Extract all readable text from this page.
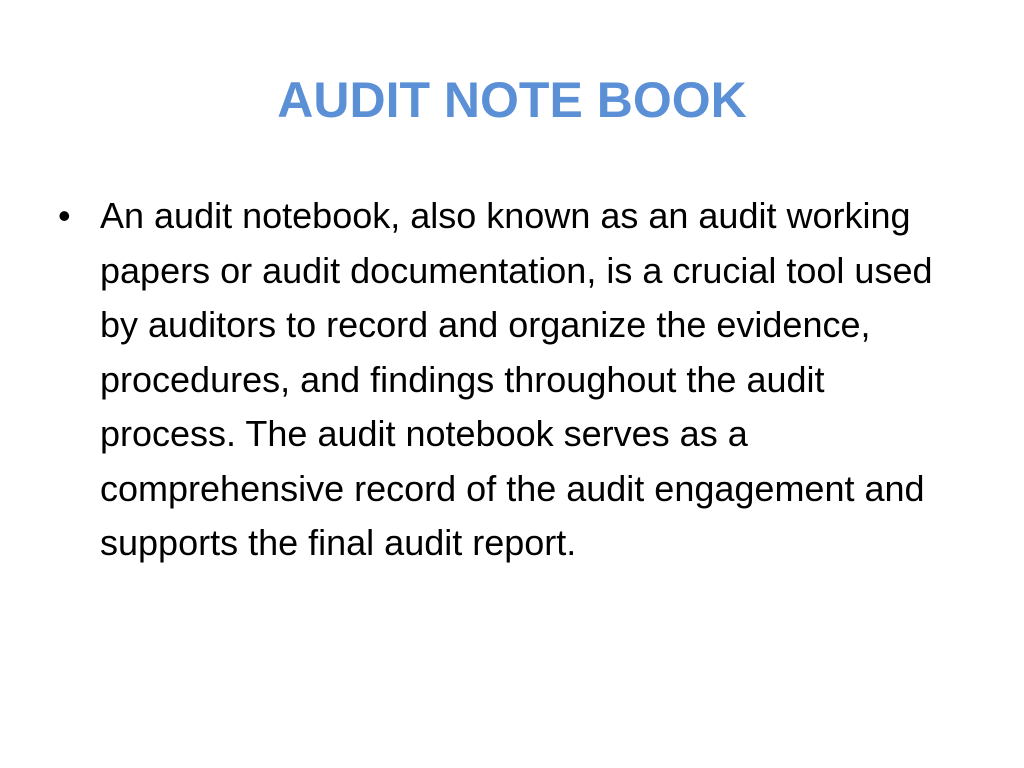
AUDIT NOTE BOOK
• An audit notebook, also known as an audit working papers or audit documentation, is a crucial tool used by auditors to record and organize the evidence, procedures, and findings throughout the audit process. The audit notebook serves as a comprehensive record of the audit engagement and supports the final audit report.
